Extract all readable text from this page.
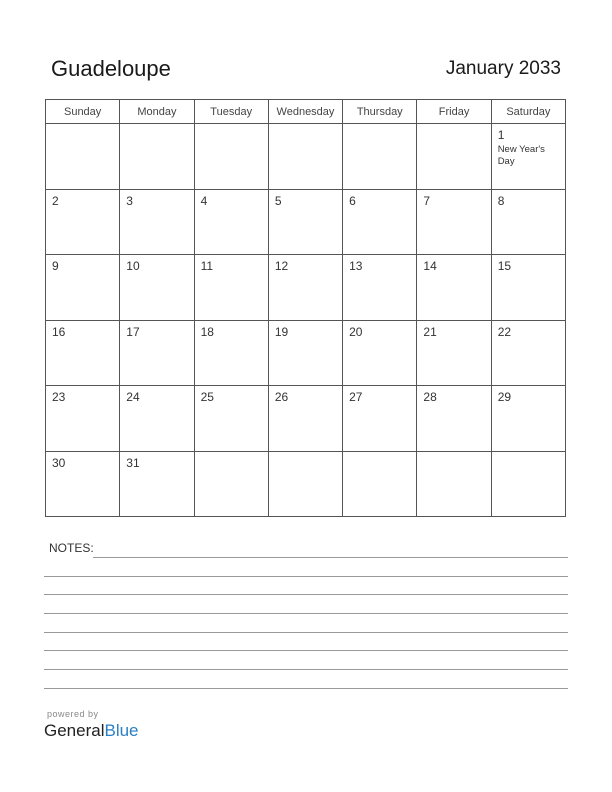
Guadeloupe	January 2033
Sunday	Monday	Tuesday	Wednesday	Thursday	Friday	Saturday

						1
New Year's Day

2	3	4	5	6	7	8

9	10	11	12	13	14	15

16	17	18	19	20	21	22

23	24	25	26	27	28	29

30	31					

NOTES:
powered by
GeneralBlue
